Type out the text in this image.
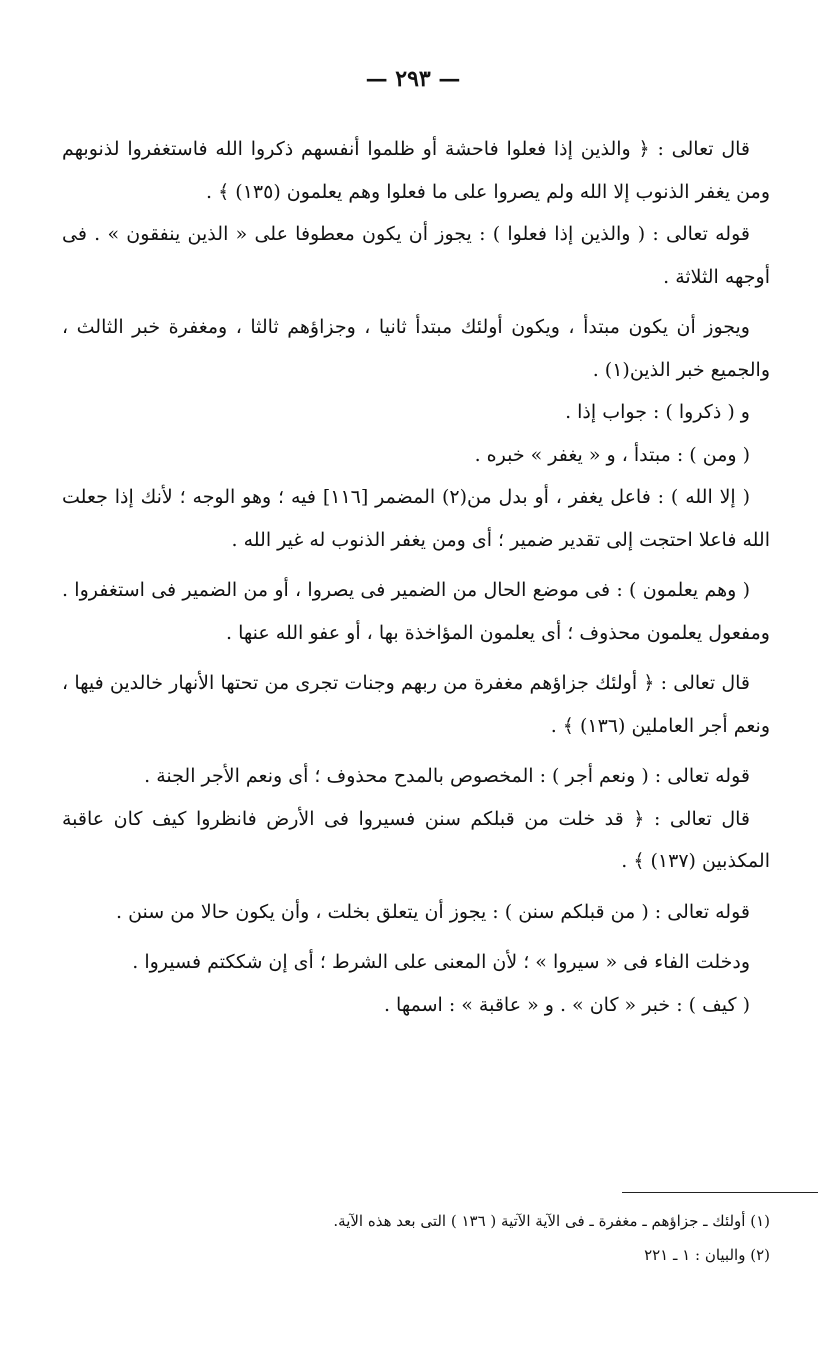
— ٢٩٣ —

قال تعالى : ﴿ والذين إذا فعلوا فاحشة أو ظلموا أنفسهم ذكروا الله فاستغفروا لذنوبهم ومن يغفر الذنوب إلا الله ولم يصروا على ما فعلوا وهم يعلمون (١٣٥) ﴾ .

قوله تعالى : ( والذين إذا فعلوا ) : يجوز أن يكون معطوفا على « الذين ينفقون » . فى أوجهه الثلاثة .

ويجوز أن يكون مبتدأ ، ويكون أولئك مبتدأ ثانيا ، وجزاؤهم ثالثا ، ومغفرة خبر الثالث ، والجميع خبر الذين(١) .

و ( ذكروا ) : جواب إذا .

( ومن ) : مبتدأ ، و « يغفر » خبره .

( إلا الله ) : فاعل يغفر ، أو بدل من(٢) المضمر [١١٦] فيه ؛ وهو الوجه ؛ لأنك إذا جعلت الله فاعلا احتجت إلى تقدير ضمير ؛ أى ومن يغفر الذنوب له غير الله .

( وهم يعلمون ) : فى موضع الحال من الضمير فى يصروا ، أو من الضمير فى استغفروا . ومفعول يعلمون محذوف ؛ أى يعلمون المؤاخذة بها ، أو عفو الله عنها .

قال تعالى : ﴿ أولئك جزاؤهم مغفرة من ربهم وجنات تجرى من تحتها الأنهار خالدين فيها ، ونعم أجر العاملين (١٣٦) ﴾ .

قوله تعالى : ( ونعم أجر ) : المخصوص بالمدح محذوف ؛ أى ونعم الأجر الجنة .

قال تعالى : ﴿ قد خلت من قبلكم سنن فسيروا فى الأرض فانظروا كيف كان عاقبة المكذبين (١٣٧) ﴾ .

قوله تعالى : ( من قبلكم سنن ) : يجوز أن يتعلق بخلت ، وأن يكون حالا من سنن .

ودخلت الفاء فى « سيروا » ؛ لأن المعنى على الشرط ؛ أى إن شككتم فسيروا .

( كيف ) : خبر « كان » . و « عاقبة » : اسمها .

(١) أولئك ـ جزاؤهم ـ مغفرة ـ فى الآية الآتية ( ١٣٦ ) التى بعد هذه الآية.

(٢) والبيان : ١ ـ ٢٢١
